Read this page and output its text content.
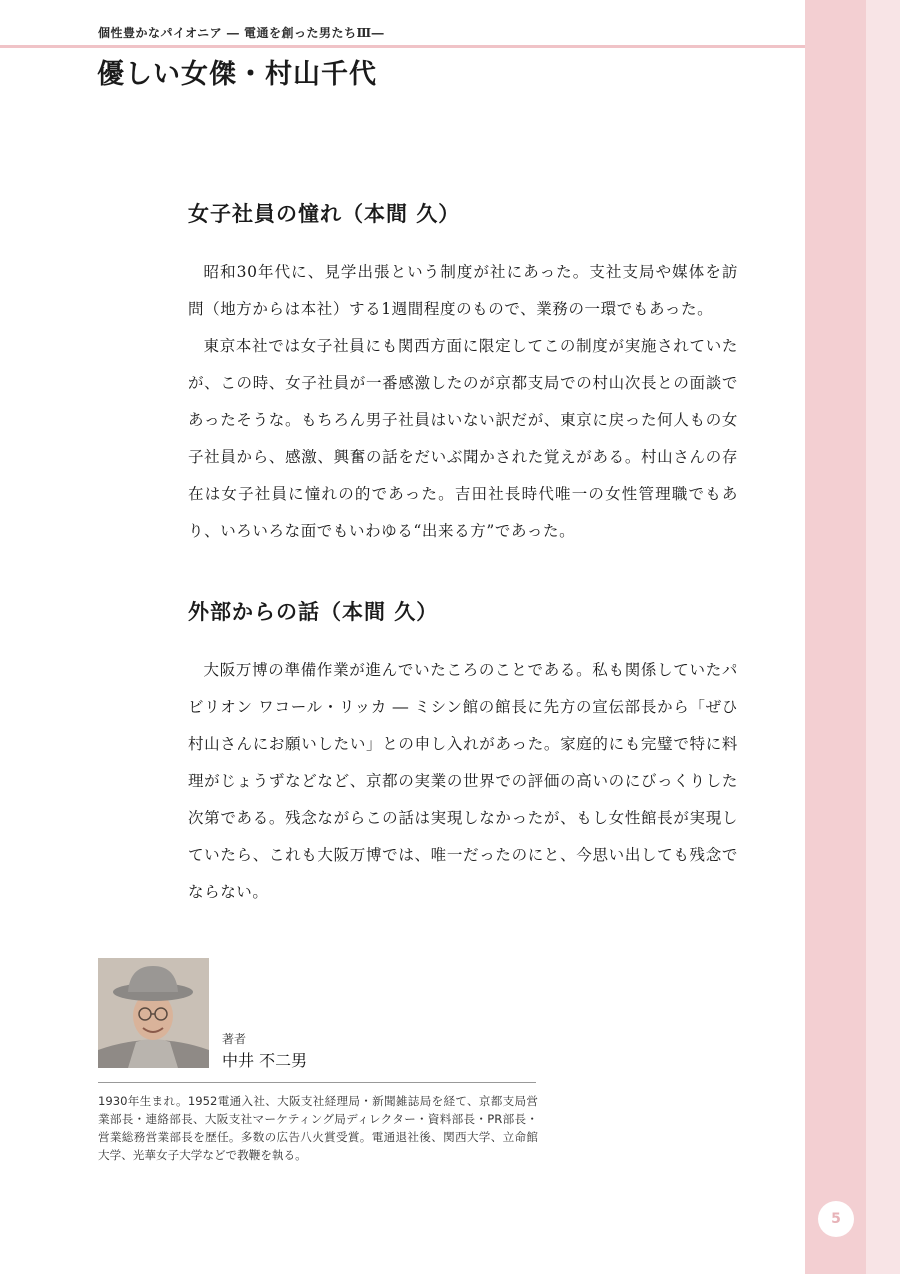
個性豊かなパイオニア ― 電通を創った男たちⅢ―
優しい女傑・村山千代
女子社員の憧れ（本間 久）

昭和30年代に、見学出張という制度が社にあった。支社支局や媒体を訪問（地方からは本社）する1週間程度のもので、業務の一環でもあった。

東京本社では女子社員にも関西方面に限定してこの制度が実施されていたが、この時、女子社員が一番感激したのが京都支局での村山次長との面談であったそうな。もちろん男子社員はいない訳だが、東京に戻った何人もの女子社員から、感激、興奮の話をだいぶ聞かされた覚えがある。村山さんの存在は女子社員に憧れの的であった。吉田社長時代唯一の女性管理職でもあり、いろいろな面でもいわゆる“出来る方”であった。

外部からの話（本間 久）

大阪万博の準備作業が進んでいたころのことである。私も関係していたパビリオン ワコール・リッカ ― ミシン館の館長に先方の宣伝部長から「ぜひ村山さんにお願いしたい」との申し入れがあった。家庭的にも完璧で特に料理がじょうずなどなど、京都の実業の世界での評価の高いのにびっくりした次第である。残念ながらこの話は実現しなかったが、もし女性館長が実現していたら、これも大阪万博では、唯一だったのにと、今思い出しても残念でならない。

著者
中井 不二男

1930年生まれ。1952電通入社、大阪支社経理局・新聞雑誌局を経て、京都支局営業部長・連絡部長、大阪支社マーケティング局ディレクター・資料部長・PR部長・営業総務営業部長を歴任。多数の広告八火賞受賞。電通退社後、関西大学、立命館大学、光華女子大学などで教鞭を執る。

5
